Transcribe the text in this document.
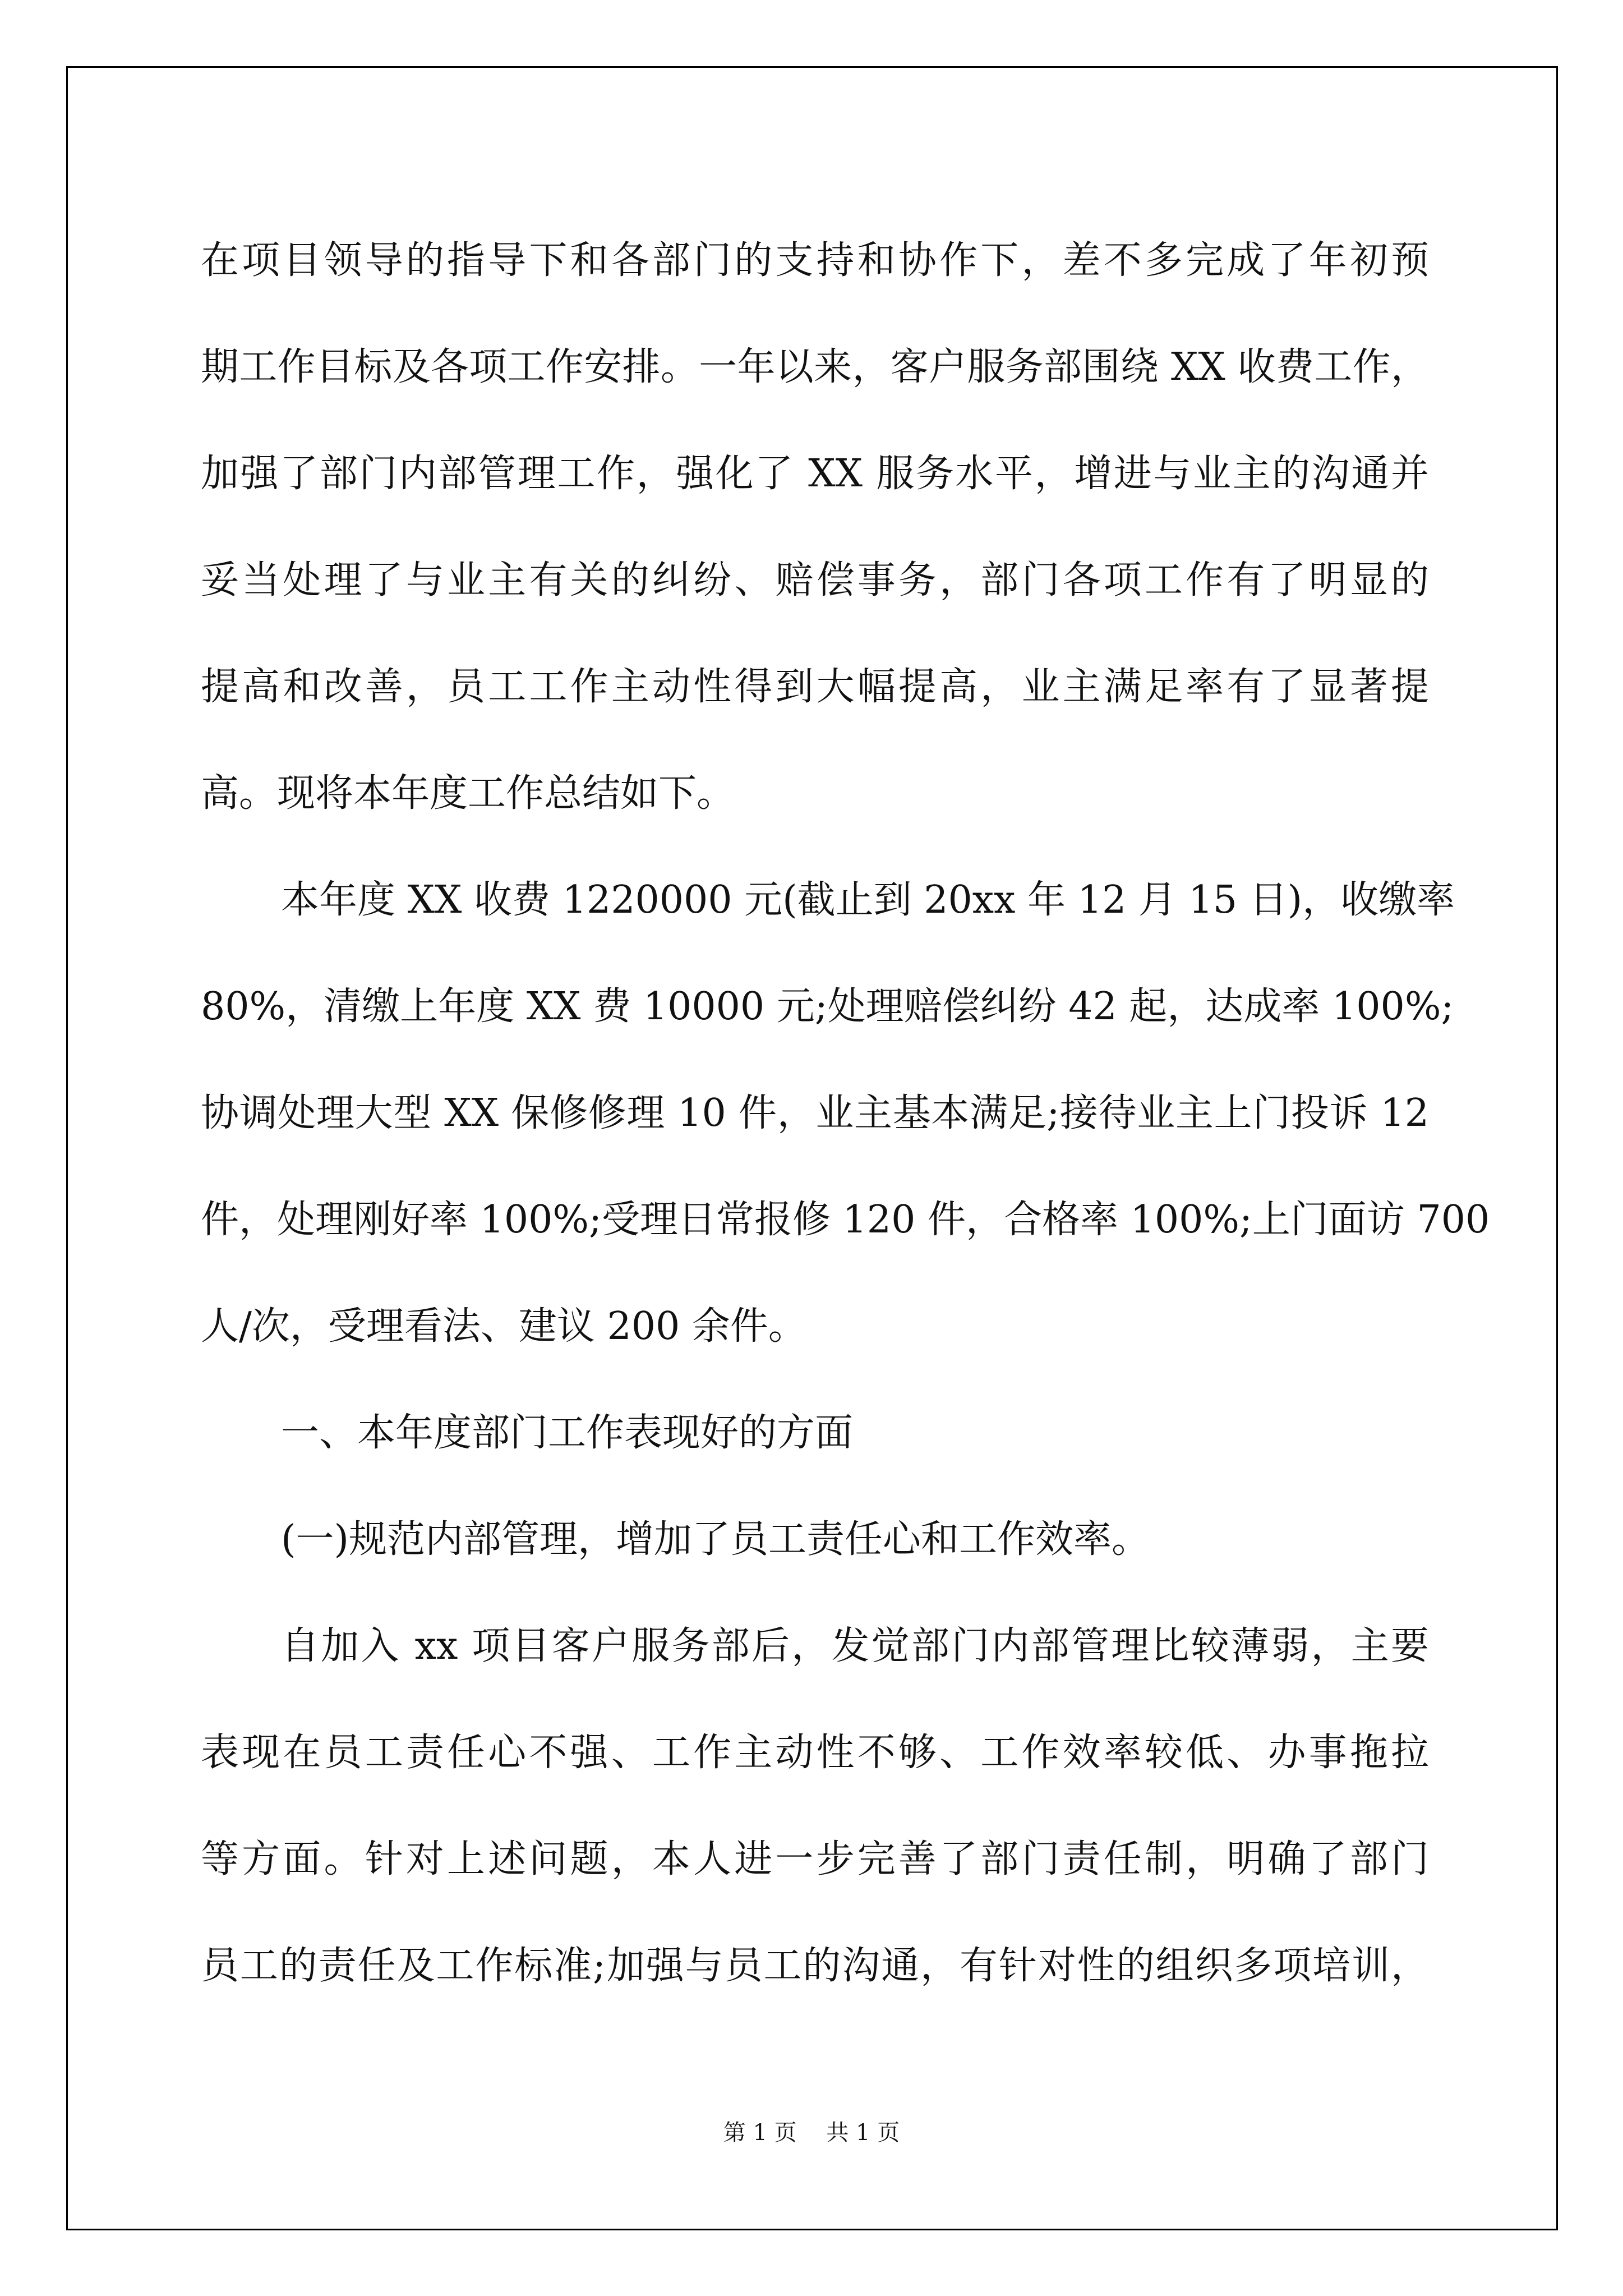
在项目领导的指导下和各部门的支持和协作下，差不多完成了年初预
期工作目标及各项工作安排。一年以来，客户服务部围绕 XX 收费工作，
加强了部门内部管理工作，强化了 XX 服务水平，增进与业主的沟通并
妥当处理了与业主有关的纠纷、赔偿事务，部门各项工作有了明显的
提高和改善，员工工作主动性得到大幅提高，业主满足率有了显著提
高。现将本年度工作总结如下。
本年度 XX 收费 1220000 元(截止到 20xx 年 12 月 15 日)，收缴率
80%，清缴上年度 XX 费 10000 元;处理赔偿纠纷 42 起，达成率 100%;
协调处理大型 XX 保修修理 10 件，业主基本满足;接待业主上门投诉 12
件，处理刚好率 100%;受理日常报修 120 件，合格率 100%;上门面访 700
人/次，受理看法、建议 200 余件。
一、本年度部门工作表现好的方面
(一)规范内部管理，增加了员工责任心和工作效率。
自加入 xx 项目客户服务部后，发觉部门内部管理比较薄弱，主要
表现在员工责任心不强、工作主动性不够、工作效率较低、办事拖拉
等方面。针对上述问题，本人进一步完善了部门责任制，明确了部门
员工的责任及工作标准;加强与员工的沟通，有针对性的组织多项培训，
第 1 页　 共 1 页
